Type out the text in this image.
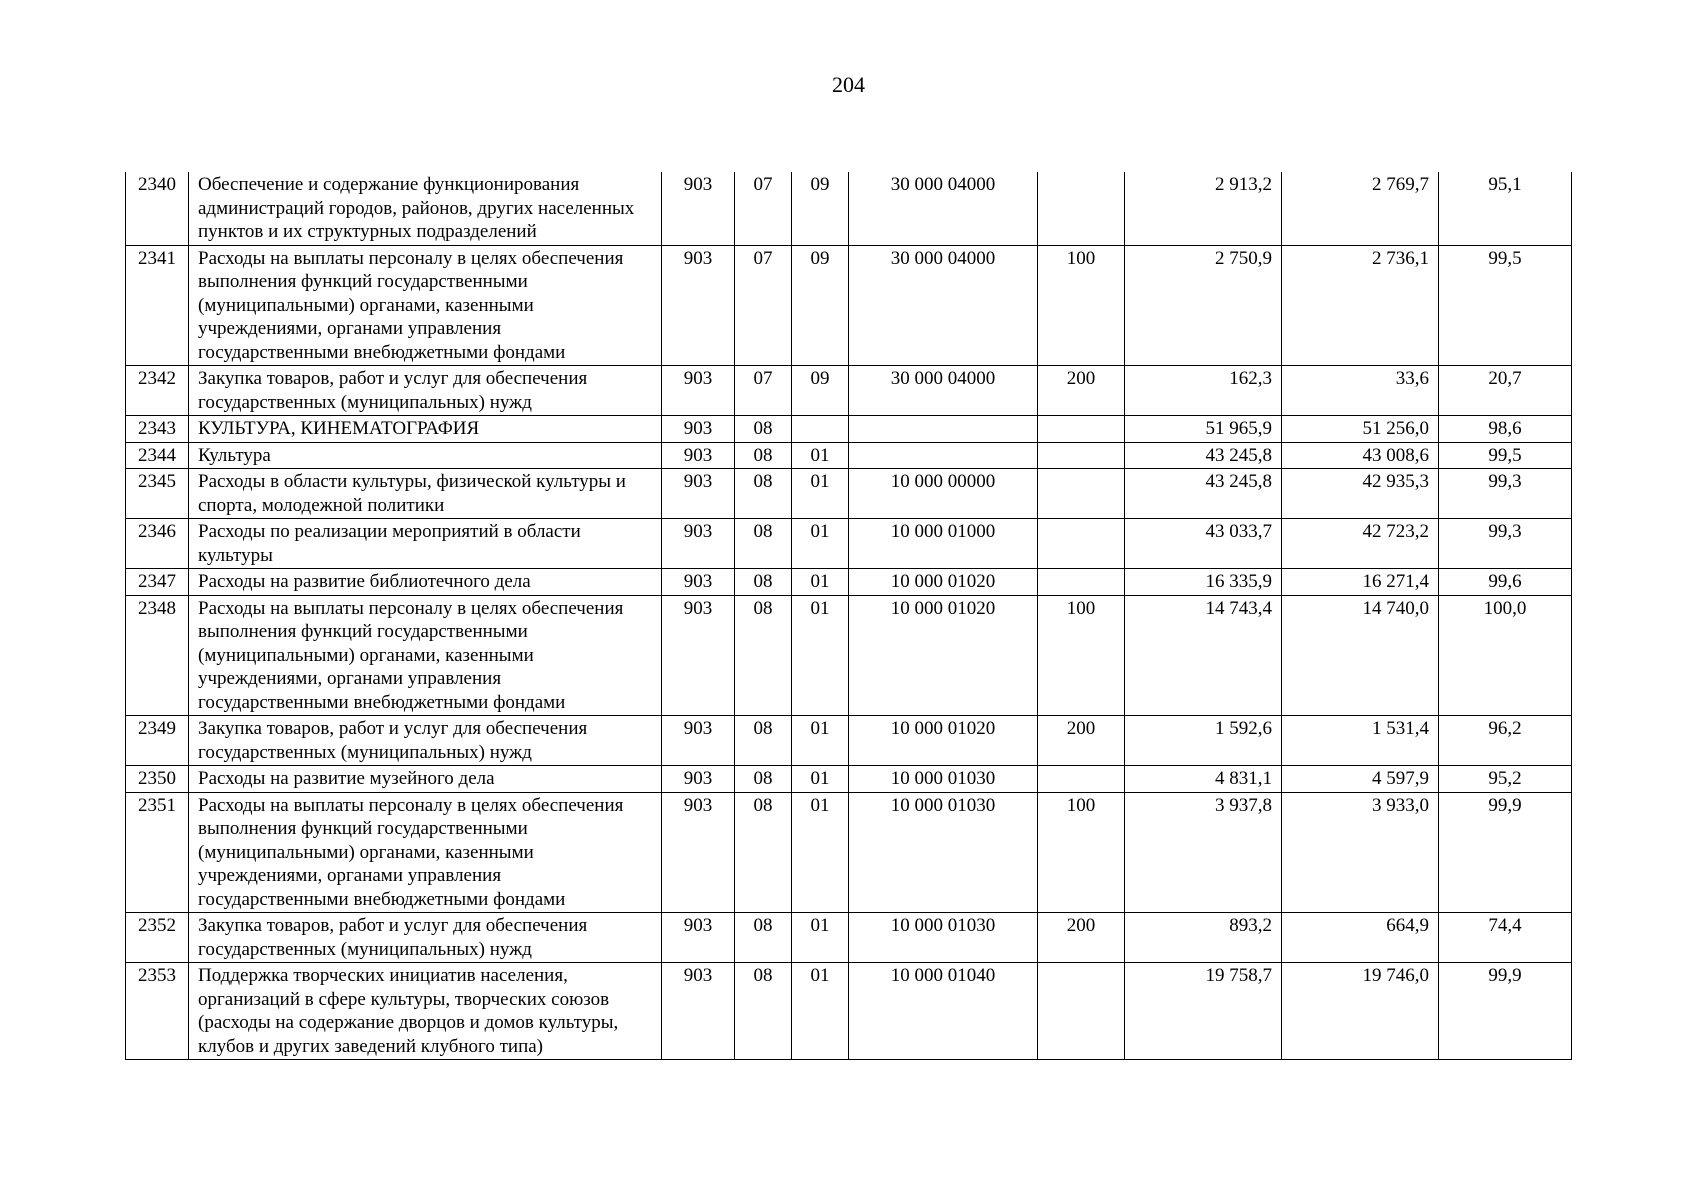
204
2340	Обеспечение и содержание функционирования администраций городов, районов, других населенных пунктов и их структурных подразделений	903	07	09	30 000 04000		2 913,2	2 769,7	95,1
2341	Расходы на выплаты персоналу в целях обеспечения выполнения функций государственными (муниципальными) органами, казенными учреждениями, органами управления государственными внебюджетными фондами	903	07	09	30 000 04000	100	2 750,9	2 736,1	99,5
2342	Закупка товаров, работ и услуг для обеспечения государственных (муниципальных) нужд	903	07	09	30 000 04000	200	162,3	33,6	20,7
2343	КУЛЬТУРА, КИНЕМАТОГРАФИЯ	903	08				51 965,9	51 256,0	98,6
2344	Культура	903	08	01			43 245,8	43 008,6	99,5
2345	Расходы в области культуры, физической культуры и спорта, молодежной политики	903	08	01	10 000 00000		43 245,8	42 935,3	99,3
2346	Расходы по реализации мероприятий в области культуры	903	08	01	10 000 01000		43 033,7	42 723,2	99,3
2347	Расходы на развитие библиотечного дела	903	08	01	10 000 01020		16 335,9	16 271,4	99,6
2348	Расходы на выплаты персоналу в целях обеспечения выполнения функций государственными (муниципальными) органами, казенными учреждениями, органами управления государственными внебюджетными фондами	903	08	01	10 000 01020	100	14 743,4	14 740,0	100,0
2349	Закупка товаров, работ и услуг для обеспечения государственных (муниципальных) нужд	903	08	01	10 000 01020	200	1 592,6	1 531,4	96,2
2350	Расходы на развитие музейного дела	903	08	01	10 000 01030		4 831,1	4 597,9	95,2
2351	Расходы на выплаты персоналу в целях обеспечения выполнения функций государственными (муниципальными) органами, казенными учреждениями, органами управления государственными внебюджетными фондами	903	08	01	10 000 01030	100	3 937,8	3 933,0	99,9
2352	Закупка товаров, работ и услуг для обеспечения государственных (муниципальных) нужд	903	08	01	10 000 01030	200	893,2	664,9	74,4
2353	Поддержка творческих инициатив населения, организаций в сфере культуры, творческих союзов (расходы на содержание дворцов и домов культуры, клубов и других заведений клубного типа)	903	08	01	10 000 01040		19 758,7	19 746,0	99,9
